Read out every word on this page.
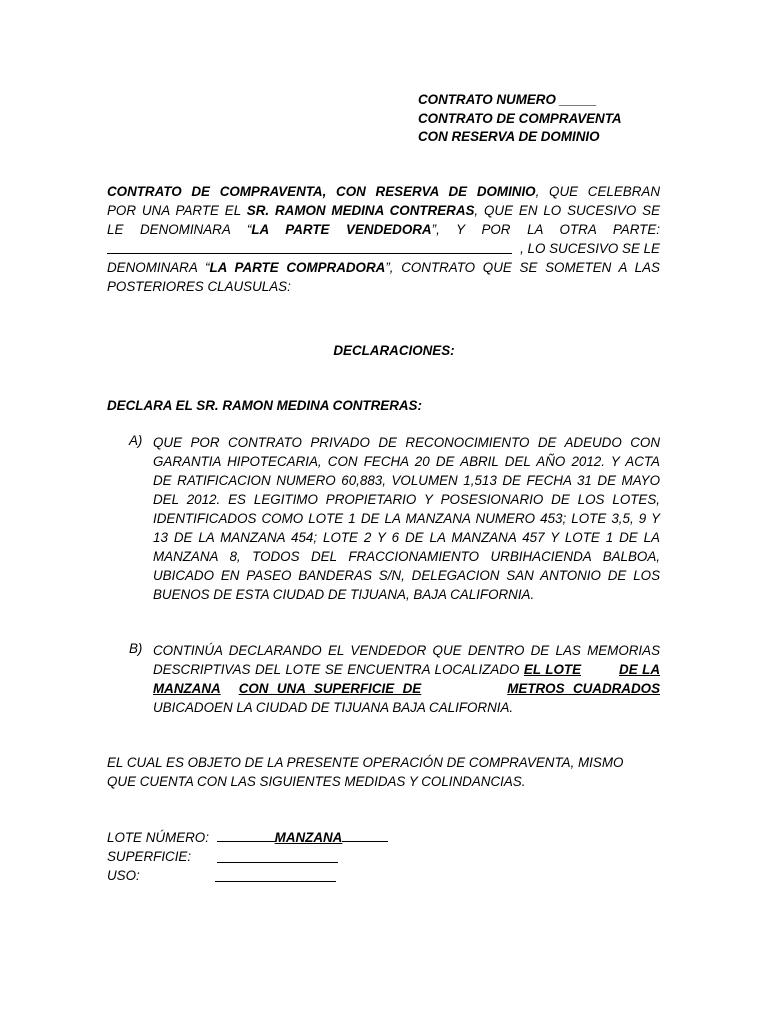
CONTRATO NUMERO _____
CONTRATO DE COMPRAVENTA
CON RESERVA DE DOMINIO
CONTRATO DE COMPRAVENTA, CON RESERVA DE DOMINIO, QUE CELEBRAN
POR UNA PARTE EL SR. RAMON MEDINA CONTRERAS, QUE EN LO SUCESIVO SE
LE DENOMINARA “LA PARTE VENDEDORA”, Y POR LA OTRA PARTE:
, LO SUCESIVO SE LE
DENOMINARA “LA PARTE COMPRADORA”, CONTRATO QUE SE SOMETEN A LAS
POSTERIORES CLAUSULAS:
DECLARACIONES:
DECLARA EL SR. RAMON MEDINA CONTRERAS:
A) QUE POR CONTRATO PRIVADO DE RECONOCIMIENTO DE ADEUDO CON
GARANTIA HIPOTECARIA, CON FECHA 20 DE ABRIL DEL AÑO 2012. Y ACTA
DE RATIFICACION NUMERO 60,883, VOLUMEN 1,513 DE FECHA 31 DE MAYO
DEL 2012. ES LEGITIMO PROPIETARIO Y POSESIONARIO DE LOS LOTES,
IDENTIFICADOS COMO LOTE 1 DE LA MANZANA NUMERO 453; LOTE 3,5, 9 Y
13 DE LA MANZANA 454; LOTE 2 Y 6 DE LA MANZANA 457 Y LOTE 1 DE LA
MANZANA 8, TODOS DEL FRACCIONAMIENTO URBIHACIENDA BALBOA,
UBICADO EN PASEO BANDERAS S/N, DELEGACION SAN ANTONIO DE LOS
BUENOS DE ESTA CIUDAD DE TIJUANA, BAJA CALIFORNIA.
B) CONTINÚA DECLARANDO EL VENDEDOR QUE DENTRO DE LAS MEMORIAS
DESCRIPTIVAS DEL LOTE SE ENCUENTRA LOCALIZADO EL LOTE	DE LA
MANZANA CON UNA SUPERFICIE DE	METROS CUADRADOS
UBICADOEN LA CIUDAD DE TIJUANA BAJA CALIFORNIA.
EL CUAL ES OBJETO DE LA PRESENTE OPERACIÓN DE COMPRAVENTA, MISMO
QUE CUENTA CON LAS SIGUIENTES MEDIDAS Y COLINDANCIAS.
LOTE NÚMERO:	MANZANA
SUPERFICIE:
USO:
